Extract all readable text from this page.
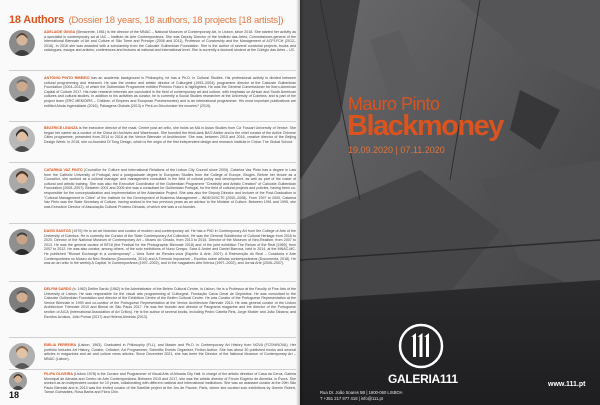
18 Authors (Dossier 18 years, 18 authors, 18 projects [18 artists])

ADELAIDE GINGA (Benavente, 1981) is the director of the MNAC – National Museum of Contemporary Art, in Lisbon, since 2018. She started her activity as a specialist in contemporary art at IAC – Instituto de Arte Contemporânea. She was Deputy Director of the Instituto das Artes, Commissioner-general of the International Biennale of Art and Culture of São Tomé and Príncipe (2006 and 2011), Professor of Curatorship and the Management of ACPI-FCH (2012–2016). In 2016 she was awarded with a scholarship from the Calouste Gulbenkian Foundation. She is the author of several curatorial projects, books and catalogues, essays and articles, conferences and lectures at national and international level. She is currently a doctoral student at the Colégio das Artes – UC.

ANTÓNIO PINTO RIBEIRO has an academic background in Philosophy, he has a Ph.D. in Cultural Studies. His professional activity is divided between cultural programming and research. He was the creator and artistic director of Culturgest (1993–2004), programme director at the Calouste Gulbenkian Foundation (2004–2012), of which the Gulbenkian Programme entitled Próximo Futuro is highlighted. He was the General Commissioner for Ibero-American Capital of Culture 2017. His main research interests are concluded in the field of contemporary art and culture, with emphasis on African and South American cultures and cultural studies. In addition to his activities as curator, he is currently a Social Studies researcher at the University of Coimbra, and is part of the project team (ERC MEMOIRS – Children of Empires and European Postmemories) and is an international programmer. His most important publications are entitled Ainda Ingenuidade (2016), Paisagens Globais (2013) e Peut-on Décoloniser les musées? (2019).

BEATRICE LEANZA is the executive director of the maat, Centre post art critic, she holds an MA in Asian Studies from Ca' Foscari University of Venice. She began her career as a curator of the China Art Archives and Warehouse. She founded the think-tank BAO Atelier and is the chief curator of the Active Chinese Cities programme, presented from 2014 to 2018 at the Venice Biennale of Architecture. She was, between 2015 and 2016, creative director of the Beijing Design Week. In 2018, she co-founded Di Tong Design, which is the origin of the first independent design and research institute in China: The Global School.

CATARINA VAZ PINTO (Councillor for Culture and International Relations of the Lisbon City Council since 2009). Catarina Vaz Pinto has a degree in Law from the Catholic University of Portugal, and a postgraduate degree in European Studies from the College of Europe, Bruges. Before her tenure as a Councillor, she worked as a cultural manager and management consultant in the field of cultural policy and development, as well as part of the roster of cultural and artistic training. She was also the Executive Coordinator of the Gulbenkian Programme "Creativity and Artistic Creation" of Calouste Gulbenkian Foundation (2005–2007). Between 2001 and 2005 she was a consultant for Gulbenkian Portugal, for the field of cultural projects and policies, having been co-responsible for the conceptualization and implementation of the Adamastor Project. She was also the Deputy Director and lecturer of the Post-Graduation in "Cultural Management in Cities" of the Institute for the Development of Business Management – INDEG/ISCTE (2000–2008). From 1997 to 2000, Catarina Vaz Pinto was the State Secretary of Culture, having worked in the two previous years as an advisor to the Minister of Culture. Between 1991 and 1995, she was Executive Director of Associação Cultural Próximo Década, of which she was a co-founder.

DAVID SANTOS (1970) He is an art historian and curator of modern and contemporary art. He has a PhD in Contemporary Art from the College of Arts of the University of Coimbra. He is currently the Curator of the State Contemporary Art Collection. He was the General Subdirector of Cultural Heritage from 2016 to 2020, Director of the National Museum of Contemporary Art – Museu do Chiado, from 2013 to 2015, Director of the Museum of Neo-Realism, from 2007 to 2013. He was the general curator of BF18 (the Festival for the Photographic Biennale 2018) and of the joint exhibition The Return of the Real [1969], from 2007 to 2012. He was also curator, among others, of the solo exhibitions of Nuno Crespo, Sara & André and Daniel Barroca, held in 2014, at the MNAC-MC. He published "Rizoart Exchange in a contemporary" – Uma Sorte de Rendez-vous (Espírito & Arte, 2007). A Reinvenção do Real – Curadoria e Arte Contemporânea no Museu do Neo-Realismo (Documenta, 2014) and A Fórmula Impossível – Escritos sobre artistas contemporâneos (Documenta, 2018). He was an art critic in the weekly A Capital, in Contemporânea (1997–2002), and in the magazines Arte Ibérica (1997–2002), and Jornal Arte (2006–2007).

DELFIM SARDO (b. 1962) Delfim Sardo (1962) is the Administrator of the Belém Cultural Centre, in Lisbon. He is a Professor at the Faculty of Fine Arts of the University of Lisbon. He was responsible for the visual arts programming of Culturgest. Fundação Caixa Geral de Depósitos. He was consultant to the Calouste Gulbenkian Foundation and director of the Exhibition Centre of the Belém Cultural Centre. He was Curator of the Portuguese Representation at the Venice Biennale in 1999 and co-curator of the Portuguese Representation at the Venice Architecture Biennale 2010. He was general curator of the Lisbon Architecture Triennale 2010 and Bienal de São Paulo 2017. He was the founder and director of Pangrama magazine and the director of the Portuguese section of AICA (International Association of Art Critics). He is the author of several books, including Pedro Cabrita Reis, Jorge Molder and João Tabarra; and Escritos Avulsos, Júlio Pomar (2017) and Helena Almeida (2013).

EMÍLIA FERREIRA (Lisbon, 1963). Graduated in Philosophy (FLL), and Master and Ph.D. in Contemporary Art History from NOVA (FCSH/NOVA). Her portfolio includes Art History, Curator, Criticism, Art Programmer, Scientific Events Organiser, Fiction Author. She has about 30 published books and several articles in magazines and art and culture news articles. Since December 2021, she has been the Director of the National Museum of Contemporary Art – MNAC (Lisbon).

FILIPA OLIVEIRA (Lisbon 1978) is the Curator and Programmer of Visual Arts of Almada City Hall. In charge of the artistic direction of Casa da Cerca, Galeria Municipal de Almada and Centro de Arte Contemporânea. Between 2015 and 2017, she was the artistic director of Fórum Eugénio de Almeida, in Évora. She worked as an independent curator for 10 years, collaborating with different national and international institutions. She was an assistant curator at the 29th São Paulo Biennial and in 2013 was the invited curator of the Satellite project at the Jeu de Paume, Paris, where she curated solo exhibitions by Jimmie Robert, Tamar Guimarães, Rosa Barba and Flora Chin.

18
Mauro Pinto
Blackmoney
19.09.2020 | 07.11.2020
GALERIA111
Rua Dr. João Soares 5B | 1600-060 LISBOA
T +351 217 977 418 | info@111.pt
www.111.pt
